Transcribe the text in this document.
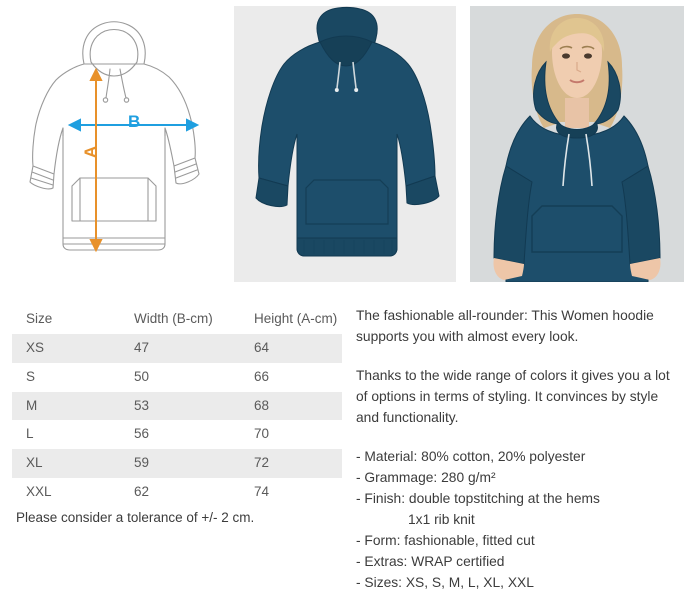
B
A
Size	Width (B-cm)	Height (A-cm)
XS	47	64
S	50	66
M	53	68
L	56	70
XL	59	72
XXL	62	74
Please consider a tolerance of +/- 2 cm.

The fashionable all-rounder: This Women hoodie supports you with almost every look.

Thanks to the wide range of colors it gives you a lot of options in terms of styling. It convinces by style and functionality.

- Material: 80% cotton, 20% polyester
- Grammage: 280 g/m²
- Finish: double topstitching at the hems
1x1 rib knit
- Form: fashionable, fitted cut
- Extras: WRAP certified
- Sizes: XS, S, M, L, XL, XXL
